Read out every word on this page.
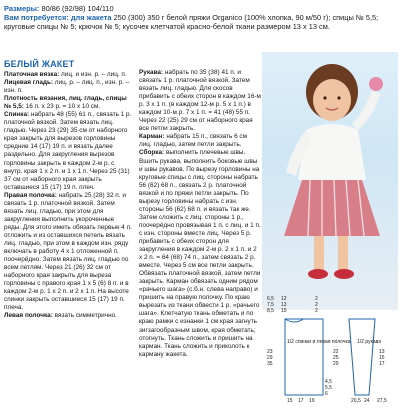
Размеры: 80/86 (92/98) 104/110
Вам потребуется: для жакета 250 (300) 350 г белой пряжи Organico (100% хлопка, 90 м/50 г); спицы № 5,5; круговые спицы № 5; крючок № 5; кусочек клетчатой красно-белой ткани размером 13 х 13 см.
БЕЛЫЙ ЖАКЕТ

Платочная вязка: лиц. и изн. р. – лиц. п.

Лицевая гладь: лиц. р. – лиц. п., изн. р. – изн. п.

Плотность вязания, лиц. гладь, спицы № 5,5: 16 п. х 23 р. = 10 х 10 см.

Спинка: набрать 48 (55) 61 п., связать 1 р. платочной вязкой. Затем вязать лиц. гладью. Через 23 (29) 35 см от наборного края закрыть для вырезов горловины средние 14 (17) 19 п. и вязать далее раздельно. Для закругления вырезов горловины закрыть в каждом 2-м р. с внутр. края 1 х 2 п. и 1 х 1 п. Через 25 (31) 37 см от наборного края закрыть оставшиеся 15 (17) 19 п. плеч.

Правая полочка: набрать 25 (28) 32 п. и связать 1 р. платочной вязкой. Затем вязать лиц. гладью, при этом для закругления выполнить укороченные ряды. Для этого иметь обязать первые 4 п. отложить и из оставшихся петель вязать лиц. гладью, при этом в каждом изн. ряду включать в работу 4 х 1 отложенной п. поочерёдно. Затем вязать лиц. гладью по всем петлям. Через 21 (26) 32 см от наборного края закрыть для выреза горловины с правого края 1 х 5 (6) 8 п. и в каждом 2-м р. 1 х 2 п. и 2 х 1 п. На высоте спинки закрыть оставшиеся 15 (17) 19 п. плеча.

Левая полочка: вязать симметрично.

Рукава: набрать по 35 (38) 41 п. и связать 1 р. платочной вязкой. Затем вязать лиц. гладью. Для скосов прибавить с обеих сторон в каждом 16-м р. 3 х 1 п. (в каждом 12-м р. 5 х 1 п.) в каждом 10-м р. 7 х 1 п. = 41 (48) 55 п. Через 22 (25) 29 см от наборного края все петли закрыть.

Карман: набрать 15 п., связать 6 см лиц. гладью, затем петли закрыть.

Сборка: выполнить плечевые швы. Вшить рукава, выполнить боковые швы и швы рукавов. По вырезу горловины на круговые спицы с лиц. стороны набрать 56 (62) 68 п., связать 2 р. платочной вязкой и по пряжи петли закрыть. По вырезу горловины набрать с изн. стороны 56 (62) 68 п. и вязать так же. Затем сложить с лиц. стороны 1 р., поочерёдно провязывая 1 п. с лиц. и 1 п. с изн. стороны вместе лиц. Через 5 р. прибавить с обеих сторон для закругления в каждом 2-м р. 2 х 1 п. и 2 х 2 п. = 64 (68) 74 п., затем связать 2 р. вместе. Через 5 см все петли закрыть. Обвязать платочной вязкой, затем петли закрыть. Карман обвязать одним рядом «рачьего шага» (с.б.н. слева направо) и пришить на правую полочку. По краю вырезать из ткани обвести 1 р. «рачьего шага». Клетчатую ткань обметать и по краю рамки с изнанки 1 см края загнуть зигзагообразным швом, края обметать; отогнуть. Ткань сложить и пришить на карман. Ткань сложить и приколоть к карману жакета.

6,5
7,5
8,5
12
13
15
2
2
2
1/2 спинки и левая полочка
23
29
35
15 17 19
1/2 рукава
22
25
29
13
15
17
20,5 24 27,5
4,5
5,5
6
